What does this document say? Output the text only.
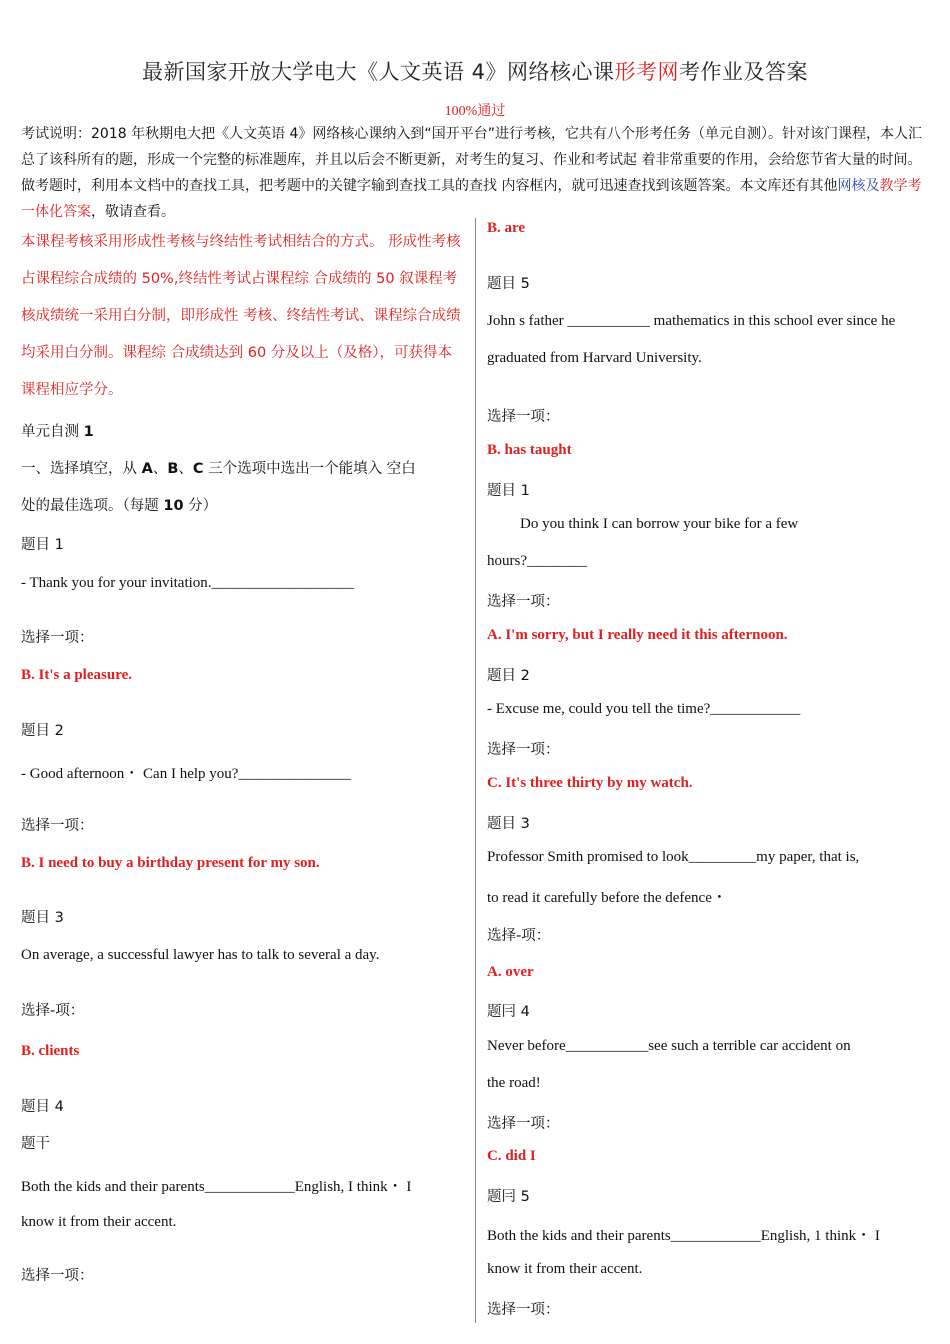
最新国家开放大学电大《人文英语 4》网络核心课形考网考作业及答案
100%通过
考试说明：2018 年秋期电大把《人文英语 4》网络核心课纳入到“国开平台”进行考核，它共有八个形考任务（单元自测）。针对该门课程，本人汇总了该科所有的题，形成一个完整的标准题库，并且以后会不断更新，对考生的复习、作业和考试起 着非常重要的作用，会给您节省大量的时间。做考题时，利用本文档中的查找工具，把考题中的关键字输到查找工具的查找 内容框内，就可迅速查找到该题答案。本文库还有其他网核及教学考一体化答案，敬请查看。
本课程考核采用形成性考核与终结性考试相结合的方式。 形成性考核占课程综合成绩的 50%,终结性考试占课程综 合成绩的 50 叙课程考核成绩统一采用白分制，即形成性 考核、终结性考试、课程综合成绩均采用白分制。课程综 合成绩达到 60 分及以上（及格），可获得本课程相应学分。
单元自测 1
一、选择填空，从 A、B、C 三个选项中选出一个能填入 空白
处的最佳选项。（每题 10 分）
题目 1
- Thank you for your invitation.___________________
选择一项：
B. It's a pleasure.
题目 2
- Good afternoon・ Can I help you?_______________
选择一项：
B. I need to buy a birthday present for my son.
题目 3
On average, a successful lawyer has to talk to several a day.
选择-项：
B. clients
题目 4
题干
Both the kids and their parents____________English, I think・ I
know it from their accent.
选择一项：
B. are
题目 5
John s father ___________ mathematics in this school ever since he
graduated from Harvard University.
选择一项：
B. has taught
题目 1
Do you think I can borrow your bike for a few
hours?________
选择一项：
A. I'm sorry, but I really need it this afternoon.
题目 2
- Excuse me, could you tell the time?____________
选择一项：
C. It's three thirty by my watch.
题目 3
Professor Smith promised to look_________my paper, that is,
to read it carefully before the defence・
选择-项：
A. over
题冃 4
Never before___________see such a terrible car accident on
the road!
选择一项：
C. did I
题冃 5
Both the kids and their parents____________English, 1 think・ I
know it from their accent.
选择一项：
